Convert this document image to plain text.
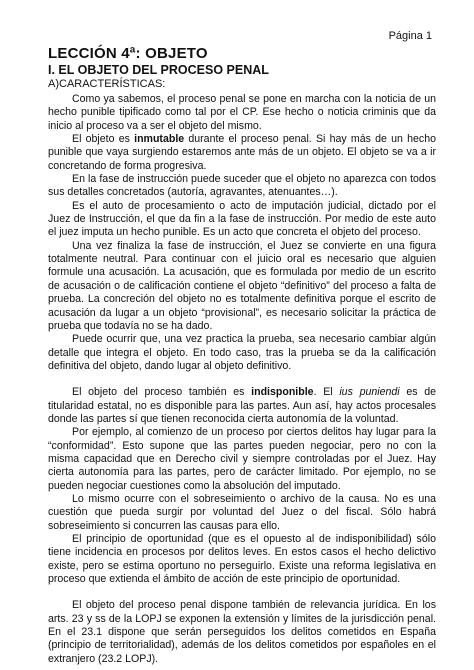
Página 1
LECCIÓN 4ª: OBJETO
I. EL OBJETO DEL PROCESO PENAL
A)CARACTERÍSTICAS:

Como ya sabemos, el proceso penal se pone en marcha con la noticia de un hecho punible tipificado como tal por el CP. Ese hecho o noticia criminis que da inicio al proceso va a ser el objeto del mismo.

El objeto es inmutable durante el proceso penal. Si hay más de un hecho punible que vaya surgiendo estaremos ante más de un objeto. El objeto se va a ir concretando de forma progresiva.

En la fase de instrucción puede suceder que el objeto no aparezca con todos sus detalles concretados (autoría, agravantes, atenuantes…).

Es el auto de procesamiento o acto de imputación judicial, dictado por el Juez de Instrucción, el que da fin a la fase de instrucción. Por medio de este auto el juez imputa un hecho punible. Es un acto que concreta el objeto del proceso.

Una vez finaliza la fase de instrucción, el Juez se convierte en una figura totalmente neutral. Para continuar con el juicio oral es necesario que alguien formule una acusación. La acusación, que es formulada por medio de un escrito de acusación o de calificación contiene el objeto “definitivo” del proceso a falta de prueba. La concreción del objeto no es totalmente definitiva porque el escrito de acusación da lugar a un objeto “provisional”, es necesario solicitar la práctica de prueba que todavía no se ha dado.

Puede ocurrir que, una vez practica la prueba, sea necesario cambiar algún detalle que integra el objeto. En todo caso, tras la prueba se da la calificación definitiva del objeto, dando lugar al objeto definitivo.

El objeto del proceso también es indisponible. El ius puniendi es de titularidad estatal, no es disponible para las partes. Aun así, hay actos procesales donde las partes sí que tienen reconocida cierta autonomía de la voluntad.

Por ejemplo, al comienzo de un proceso por ciertos delitos hay lugar para la “conformidad”. Esto supone que las partes pueden negociar, pero no con la misma capacidad que en Derecho civil y siempre controladas por el Juez. Hay cierta autonomía para las partes, pero de carácter limitado. Por ejemplo, no se pueden negociar cuestiones como la absolución del imputado.

Lo mismo ocurre con el sobreseimiento o archivo de la causa. No es una cuestión que pueda surgir por voluntad del Juez o del fiscal. Sólo habrá sobreseimiento si concurren las causas para ello.

El principio de oportunidad (que es el opuesto al de indisponibilidad) sólo tiene incidencia en procesos por delitos leves. En estos casos el hecho delictivo existe, pero se estima oportuno no perseguirlo. Existe una reforma legislativa en proceso que extienda el ámbito de acción de este principio de oportunidad.

El objeto del proceso penal dispone también de relevancia jurídica. En los arts. 23 y ss de la LOPJ se exponen la extensión y límites de la jurisdicción penal. En el 23.1 dispone que serán perseguidos los delitos cometidos en España (principio de territorialidad), además de los delitos cometidos por españoles en el extranjero (23.2 LOPJ).
